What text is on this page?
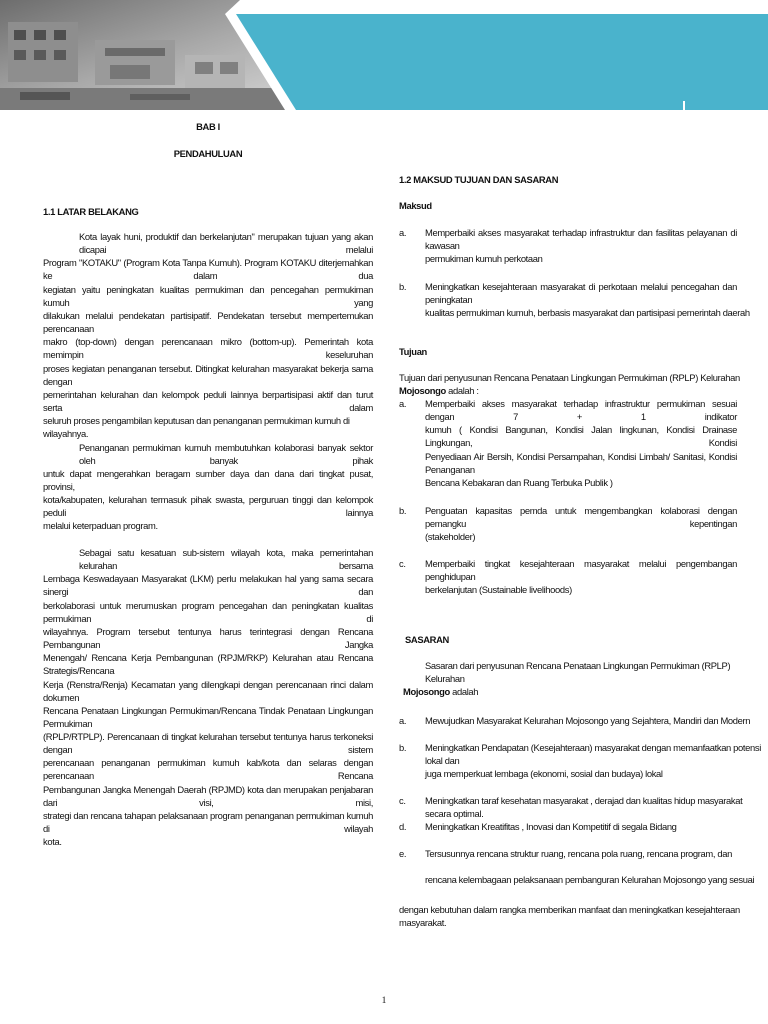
BAB I
PENDAHULUAN
1.1 LATAR BELAKANG
Kota layak huni, produktif dan berkelanjutan" merupakan tujuan yang akan dicapai melalui
Program "KOTAKU" (Program Kota Tanpa Kumuh). Program KOTAKU diterjemahkan ke dalam dua
kegiatan yaitu peningkatan kualitas permukiman dan pencegahan permukiman kumuh yang
dilakukan melalui pendekatan partisipatif. Pendekatan tersebut mempertemukan perencanaan
makro (top-down) dengan perencanaan mikro (bottom-up). Pemerintah kota memimpin keseluruhan
proses kegiatan penanganan tersebut. Ditingkat kelurahan masyarakat bekerja sama dengan
pemerintahan kelurahan dan kelompok peduli lainnya berpartisipasi aktif dan turut serta dalam
seluruh proses pengambilan keputusan dan penanganan permukiman kumuh di wilayahnya.
Penanganan permukiman kumuh membutuhkan kolaborasi banyak sektor oleh banyak pihak
untuk dapat mengerahkan beragam sumber daya dan dana dari tingkat pusat, provinsi,
kota/kabupaten, kelurahan termasuk pihak swasta, perguruan tinggi dan kelompok peduli lainnya
melalui keterpaduan program.
Sebagai satu kesatuan sub-sistem wilayah kota, maka pemerintahan kelurahan bersama
Lembaga Keswadayaan Masyarakat (LKM) perlu melakukan hal yang sama secara sinergi dan
berkolaborasi untuk merumuskan program pencegahan dan peningkatan kualitas permukiman di
wilayahnya. Program tersebut tentunya harus terintegrasi dengan Rencana Pembangunan Jangka
Menengah/ Rencana Kerja Pembangunan (RPJM/RKP) Kelurahan atau Rencana Strategis/Rencana
Kerja (Renstra/Renja) Kecamatan yang dilengkapi dengan perencanaan rinci dalam dokumen
Rencana Penataan Lingkungan Permukiman/Rencana Tindak Penataan Lingkungan Permukiman
(RPLP/RTPLP). Perencanaan di tingkat kelurahan tersebut tentunya harus terkoneksi dengan sistem
perencanaan penanganan permukiman kumuh kab/kota dan selaras dengan perencanaan Rencana
Pembangunan Jangka Menengah Daerah (RPJMD) kota dan merupakan penjabaran dari visi, misi,
strategi dan rencana tahapan pelaksanaan program penanganan permukiman kumuh di wilayah
kota.
1.2 MAKSUD TUJUAN DAN SASARAN
Maksud
a. Memperbaiki akses masyarakat terhadap infrastruktur dan fasilitas pelayanan di kawasan
permukiman kumuh perkotaan
b. Meningkatkan kesejahteraan masyarakat di perkotaan melalui pencegahan dan peningkatan
kualitas permukiman kumuh, berbasis masyarakat dan partisipasi pemerintah daerah
Tujuan
Tujuan dari penyusunan Rencana Penataan Lingkungan Permukiman (RPLP) Kelurahan Mojosongo adalah :
a. Memperbaiki akses masyarakat terhadap infrastruktur permukiman sesuai dengan 7 + 1 indikator
kumuh ( Kondisi Bangunan, Kondisi Jalan lingkunan, Kondisi Drainase Lingkungan, Kondisi
Penyediaan Air Bersih, Kondisi Persampahan, Kondisi Limbah/ Sanitasi, Kondisi Penanganan
Bencana Kebakaran dan Ruang Terbuka Publik )
b. Penguatan kapasitas pemda untuk mengembangkan kolaborasi dengan pemangku kepentingan
(stakeholder)
c. Memperbaiki tingkat kesejahteraan masyarakat melalui pengembangan penghidupan
berkelanjutan (Sustainable livelihoods)
SASARAN
Sasaran dari penyusunan Rencana Penataan Lingkungan Permukiman (RPLP) Kelurahan
Mojosongo adalah
a. Mewujudkan Masyarakat Kelurahan Mojosongo yang Sejahtera, Mandiri dan Modern
b. Meningkatkan Pendapatan (Kesejahteraan) masyarakat dengan memanfaatkan potensi lokal dan
juga memperkuat lembaga (ekonomi, sosial dan budaya) lokal
c. Meningkatkan taraf kesehatan masyarakat , derajad dan kualitas hidup masyarakat secara optimal.
d. Meningkatkan Kreatifitas , Inovasi dan Kompetitif di segala Bidang
e. Tersusunnya rencana struktur ruang, rencana pola ruang, rencana program, dan
rencana kelembagaan pelaksanaan pembanguran Kelurahan Mojosongo yang sesuai
dengan kebutuhan dalam rangka memberikan manfaat dan meningkatkan kesejahteraan masyarakat.
1
